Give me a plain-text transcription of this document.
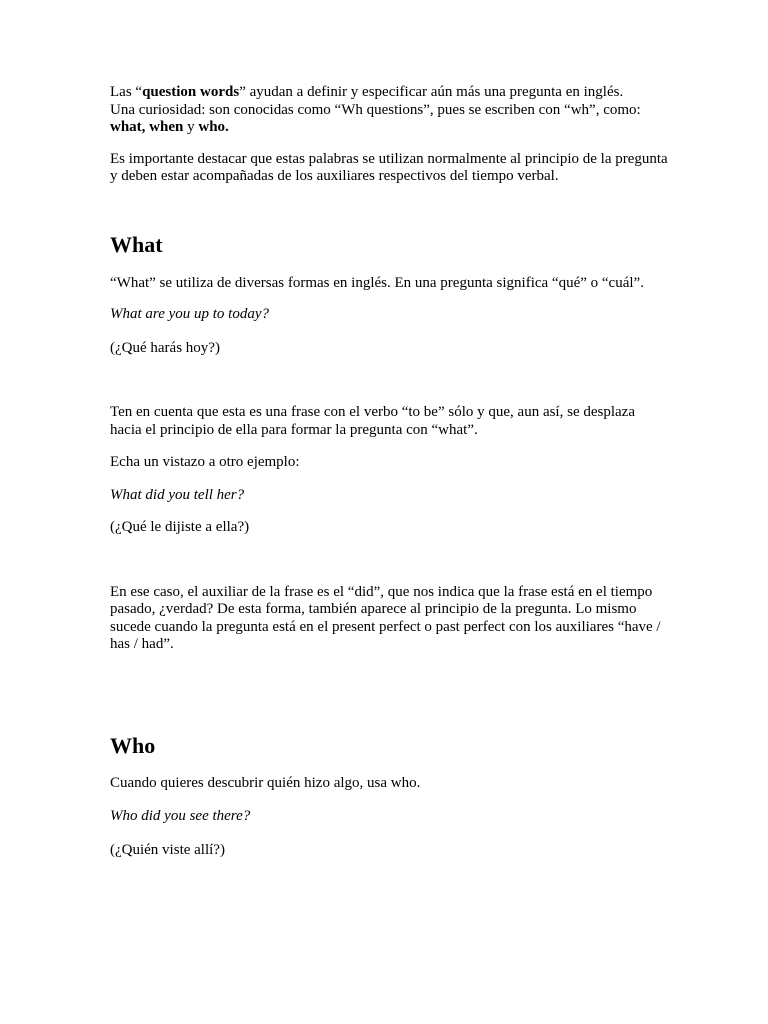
Las “question words” ayudan a definir y especificar aún más una pregunta en inglés.
Una curiosidad: son conocidas como “Wh questions”, pues se escriben con “wh”, como:
what, when y who.

Es importante destacar que estas palabras se utilizan normalmente al principio de la pregunta y deben estar acompañadas de los auxiliares respectivos del tiempo verbal.

What

“What” se utiliza de diversas formas en inglés. En una pregunta significa “qué” o “cuál”.

What are you up to today?

(¿Qué harás hoy?)

Ten en cuenta que esta es una frase con el verbo “to be” sólo y que, aun así, se desplaza hacia el principio de ella para formar la pregunta con “what”.

Echa un vistazo a otro ejemplo:

What did you tell her?

(¿Qué le dijiste a ella?)

En ese caso, el auxiliar de la frase es el “did”, que nos indica que la frase está en el tiempo pasado, ¿verdad? De esta forma, también aparece al principio de la pregunta. Lo mismo sucede cuando la pregunta está en el present perfect o past perfect con los auxiliares “have / has / had”.

Who

Cuando quieres descubrir quién hizo algo, usa who.

Who did you see there?

(¿Quién viste allí?)
